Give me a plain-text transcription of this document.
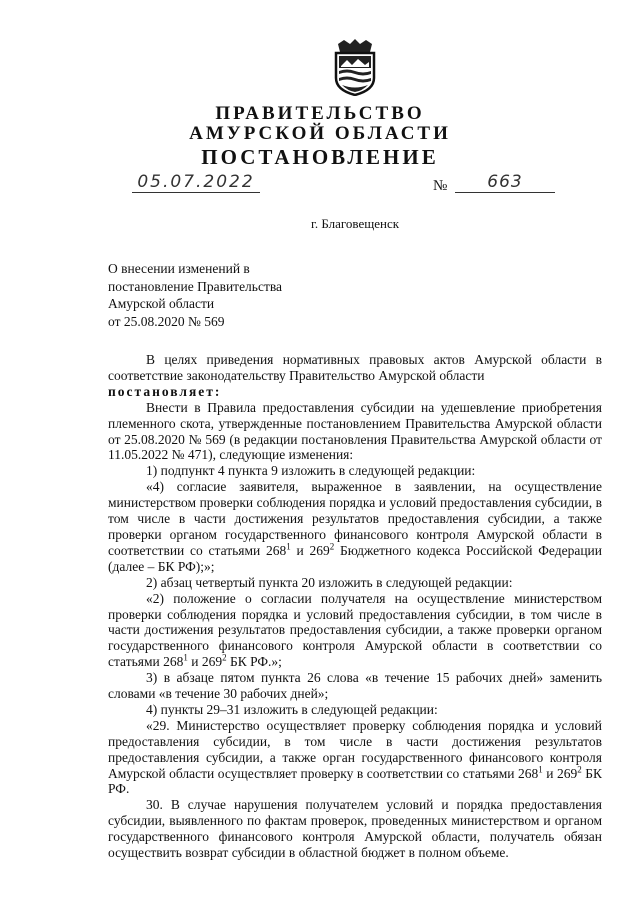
ПРАВИТЕЛЬСТВО
АМУРСКОЙ ОБЛАСТИ
ПОСТАНОВЛЕНИЕ
05.07.2022	№	663
г. Благовещенск
О внесении изменений в
постановление Правительства
Амурской области
от 25.08.2020 № 569

В целях приведения нормативных правовых актов Амурской области в соответствие законодательству Правительство Амурской области

постановляет:

Внести в Правила предоставления субсидии на удешевление приобретения племенного скота, утвержденные постановлением Правительства Амурской области от 25.08.2020 № 569 (в редакции постановления Правительства Амурской области от 11.05.2022 № 471), следующие изменения:

1) подпункт 4 пункта 9 изложить в следующей редакции:

«4) согласие заявителя, выраженное в заявлении, на осуществление министерством проверки соблюдения порядка и условий предоставления субсидии, в том числе в части достижения результатов предоставления субсидии, а также проверки органом государственного финансового контроля Амурской области в соответствии со статьями $268^1$ и $269^2$ Бюджетного кодекса Российской Федерации (далее – БК РФ);»;

2) абзац четвертый пункта 20 изложить в следующей редакции:

«2) положение о согласии получателя на осуществление министерством проверки соблюдения порядка и условий предоставления субсидии, в том числе в части достижения результатов предоставления субсидии, а также проверки органом государственного финансового контроля Амурской области в соответствии со статьями $268^1$ и $269^2$ БК РФ.»;

3) в абзаце пятом пункта 26 слова «в течение 15 рабочих дней» заменить словами «в течение 30 рабочих дней»;

4) пункты 29–31 изложить в следующей редакции:

«29. Министерство осуществляет проверку соблюдения порядка и условий предоставления субсидии, в том числе в части достижения результатов предоставления субсидии, а также орган государственного финансового контроля Амурской области осуществляет проверку в соответствии со статьями $268^1$ и $269^2$ БК РФ.

30. В случае нарушения получателем условий и порядка предоставления субсидии, выявленного по фактам проверок, проведенных министерством и органом государственного финансового контроля Амурской области, получатель обязан осуществить возврат субсидии в областной бюджет в полном объеме.
